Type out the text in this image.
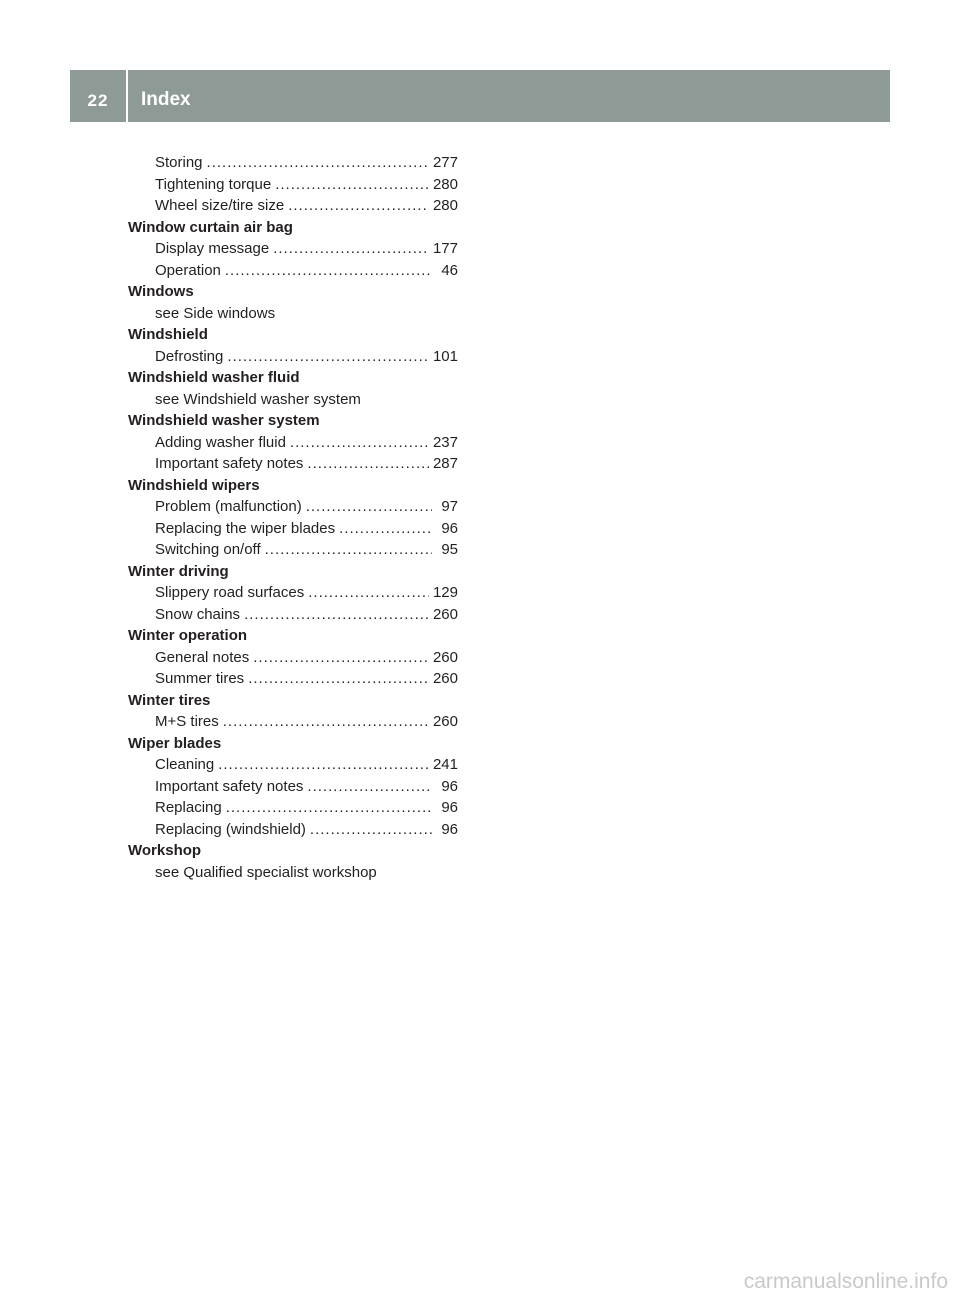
22	Index
Storing .....	277
Tightening torque .....	280
Wheel size/tire size .....	280
Window curtain air bag
Display message .....	177
Operation .....	46
Windows
see Side windows
Windshield
Defrosting .....	101
Windshield washer fluid
see Windshield washer system
Windshield washer system
Adding washer fluid .....	237
Important safety notes .....	287
Windshield wipers
Problem (malfunction) .....	97
Replacing the wiper blades .....	96
Switching on/off .....	95
Winter driving
Slippery road surfaces .....	129
Snow chains .....	260
Winter operation
General notes .....	260
Summer tires .....	260
Winter tires
M+S tires .....	260
Wiper blades
Cleaning .....	241
Important safety notes .....	96
Replacing .....	96
Replacing (windshield) .....	96
Workshop
see Qualified specialist workshop
carmanualsonline.info
